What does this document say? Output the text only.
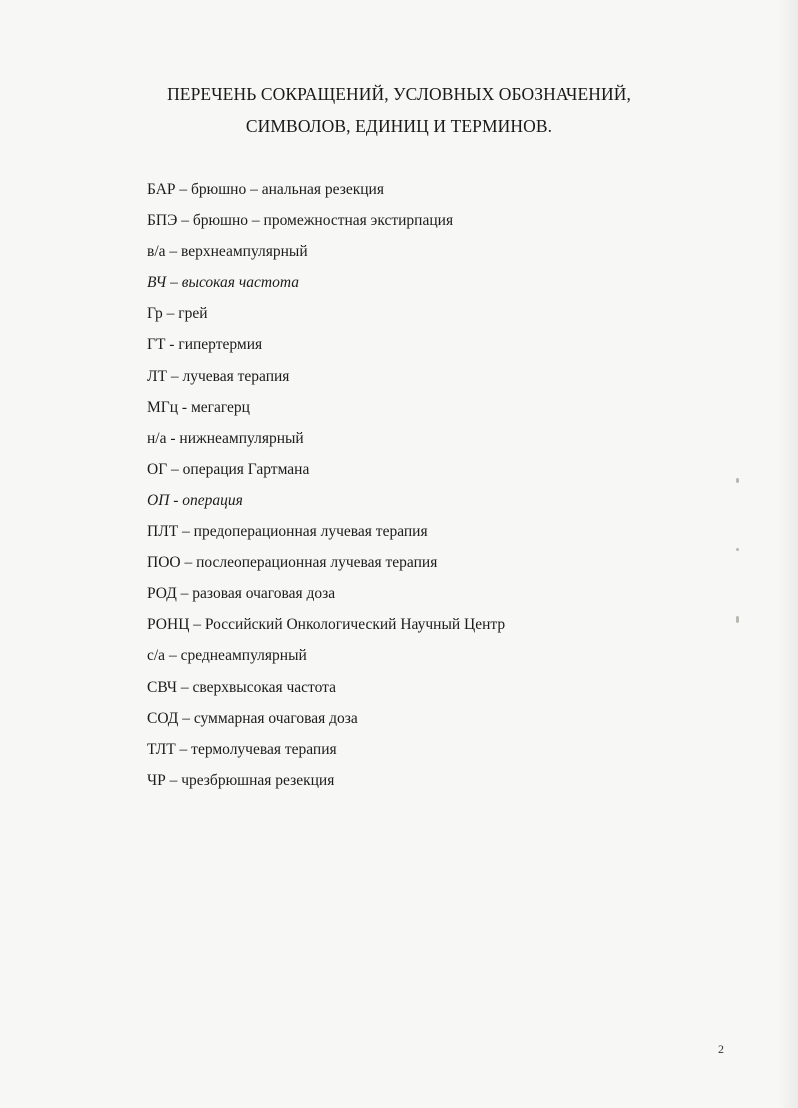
ПЕРЕЧЕНЬ СОКРАЩЕНИЙ, УСЛОВНЫХ ОБОЗНАЧЕНИЙ,
СИМВОЛОВ, ЕДИНИЦ И ТЕРМИНОВ.
БАР – брюшно – анальная резекция
БПЭ – брюшно – промежностная экстирпация
в/а – верхнеампулярный
ВЧ – высокая частота
Гр – грей
ГТ - гипертермия
ЛТ – лучевая терапия
МГц - мегагерц
н/а - нижнеампулярный
ОГ – операция Гартмана
ОП - операция
ПЛТ – предоперационная лучевая терапия
ПОО – послеоперационная лучевая терапия
РОД – разовая очаговая доза
РОНЦ – Российский Онкологический Научный Центр
с/а – среднеампулярный
СВЧ – сверхвысокая частота
СОД – суммарная очаговая доза
ТЛТ – термолучевая терапия
ЧР – чрезбрюшная резекция
2
